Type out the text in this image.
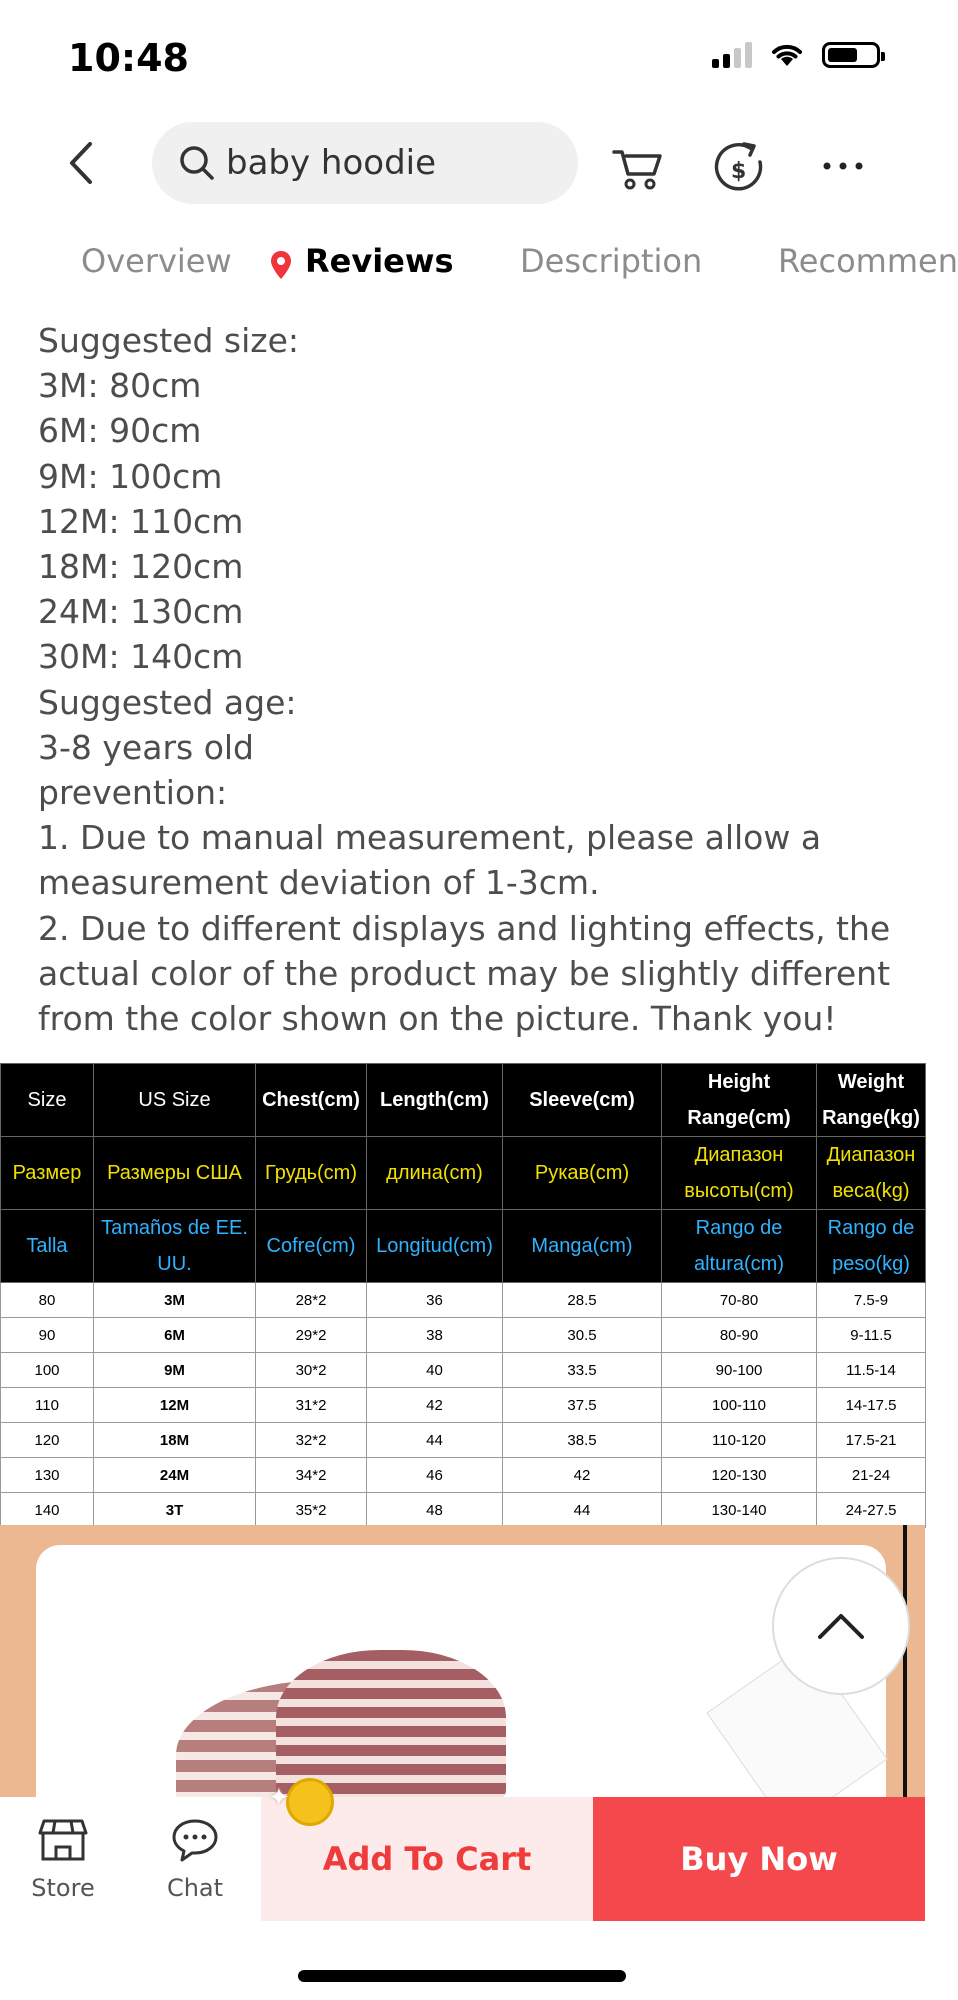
10:48
baby hoodie	$
Overview Reviews Description Recommen
Suggested size:
3M: 80cm
6M: 90cm
9M: 100cm
12M: 110cm
18M: 120cm
24M: 130cm
30M: 140cm
Suggested age:
3-8 years old
prevention:
1. Due to manual measurement, please allow a
measurement deviation of 1-3cm.
2. Due to different displays and lighting effects, the
actual color of the product may be slightly different
from the color shown on the picture. Thank you!
Size	US Size	Chest(cm)	Length(cm)	Sleeve(cm)	Height Range(cm)	Weight Range(kg)
Размер	Размеры США	Грудь(cm)	длина(cm)	Рукав(cm)	Диапазон высоты(cm)	Диапазон веса(kg)
Talla	Tamaños de EE. UU.	Cofre(cm)	Longitud(cm)	Manga(cm)	Rango de altura(cm)	Rango de peso(kg)
80	3M	28*2	36	28.5	70-80	7.5-9
90	6M	29*2	38	30.5	80-90	9-11.5
100	9M	30*2	40	33.5	90-100	11.5-14
110	12M	31*2	42	37.5	100-110	14-17.5
120	18M	32*2	44	38.5	110-120	17.5-21
130	24M	34*2	46	42	120-130	21-24
140	3T	35*2	48	44	130-140	24-27.5
Store	Chat
Add To Cart	Buy Now
✦
